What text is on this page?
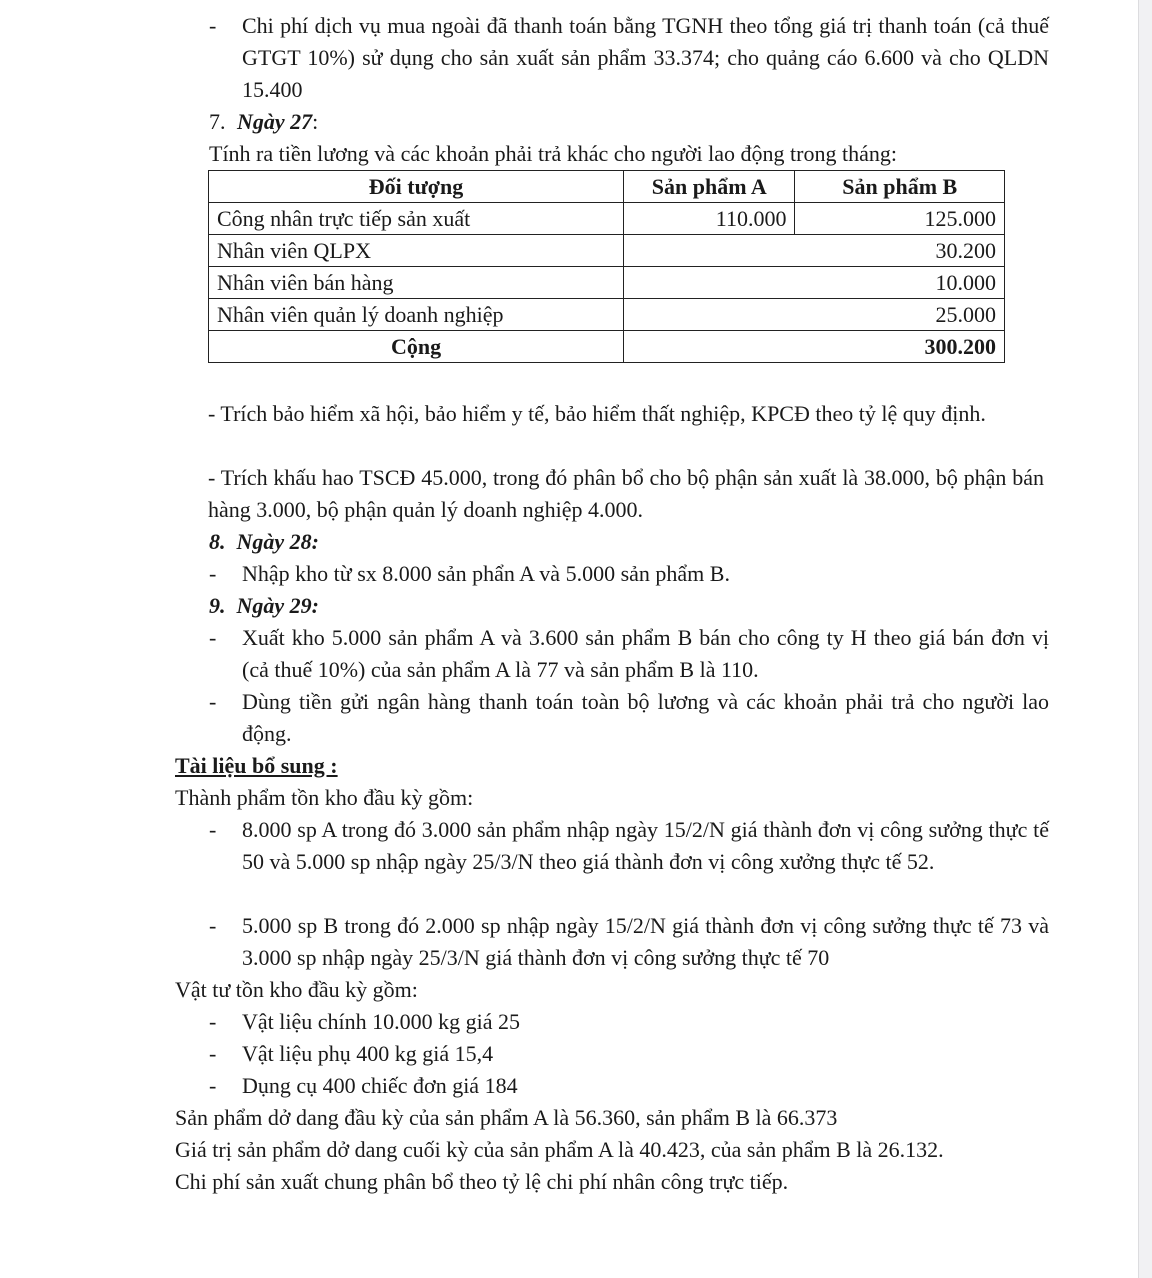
- Chi phí dịch vụ mua ngoài đã thanh toán bằng TGNH theo tổng giá trị thanh toán (cả thuế GTGT 10%) sử dụng cho sản xuất sản phẩm 33.374; cho quảng cáo 6.600 và cho QLDN 15.400
7. Ngày 27:
Tính ra tiền lương và các khoản phải trả khác cho người lao động trong tháng:
Đối tượng	Sản phẩm A	Sản phẩm B
Công nhân trực tiếp sản xuất	110.000	125.000
Nhân viên QLPX	30.200	
Nhân viên bán hàng	10.000	
Nhân viên quản lý doanh nghiệp	25.000	
Cộng	300.200	
- Trích bảo hiểm xã hội, bảo hiểm y tế, bảo hiểm thất nghiệp, KPCĐ theo tỷ lệ quy định.
- Trích khấu hao TSCĐ 45.000, trong đó phân bổ cho bộ phận sản xuất là 38.000, bộ phận bán hàng 3.000, bộ phận quản lý doanh nghiệp 4.000.
8.  Ngày 28:
- Nhập kho từ sx 8.000 sản phẩn A và 5.000 sản phẩm B.
9.  Ngày 29:
- Xuất kho 5.000 sản phẩm A và 3.600 sản phẩm B bán cho công ty H theo giá bán đơn vị (cả thuế 10%) của sản phẩm A là 77 và sản phẩm B là 110.
- Dùng tiền gửi ngân hàng thanh toán toàn bộ lương và các khoản phải trả cho người lao động.
Tài liệu bổ sung :
Thành phẩm tồn kho đầu kỳ gồm:
- 8.000 sp A trong đó 3.000 sản phẩm nhập ngày 15/2/N giá thành đơn vị công sưởng thực tế 50 và 5.000 sp nhập ngày 25/3/N theo giá thành đơn vị công xưởng thực tế 52.
- 5.000 sp B trong đó 2.000 sp nhập ngày 15/2/N giá thành đơn vị công sưởng thực tế 73 và 3.000 sp nhập ngày 25/3/N giá thành đơn vị công sưởng thực tế 70
Vật tư tồn kho đầu kỳ gồm:
- Vật liệu chính 10.000 kg giá 25
- Vật liệu phụ 400 kg giá 15,4
- Dụng cụ 400 chiếc đơn giá 184
Sản phẩm dở dang đầu kỳ của sản phẩm A là 56.360, sản phẩm B là 66.373
Giá trị sản phẩm dở dang cuối kỳ của sản phẩm A là 40.423, của sản phẩm B là 26.132.
Chi phí sản xuất chung phân bổ theo tỷ lệ chi phí nhân công trực tiếp.
